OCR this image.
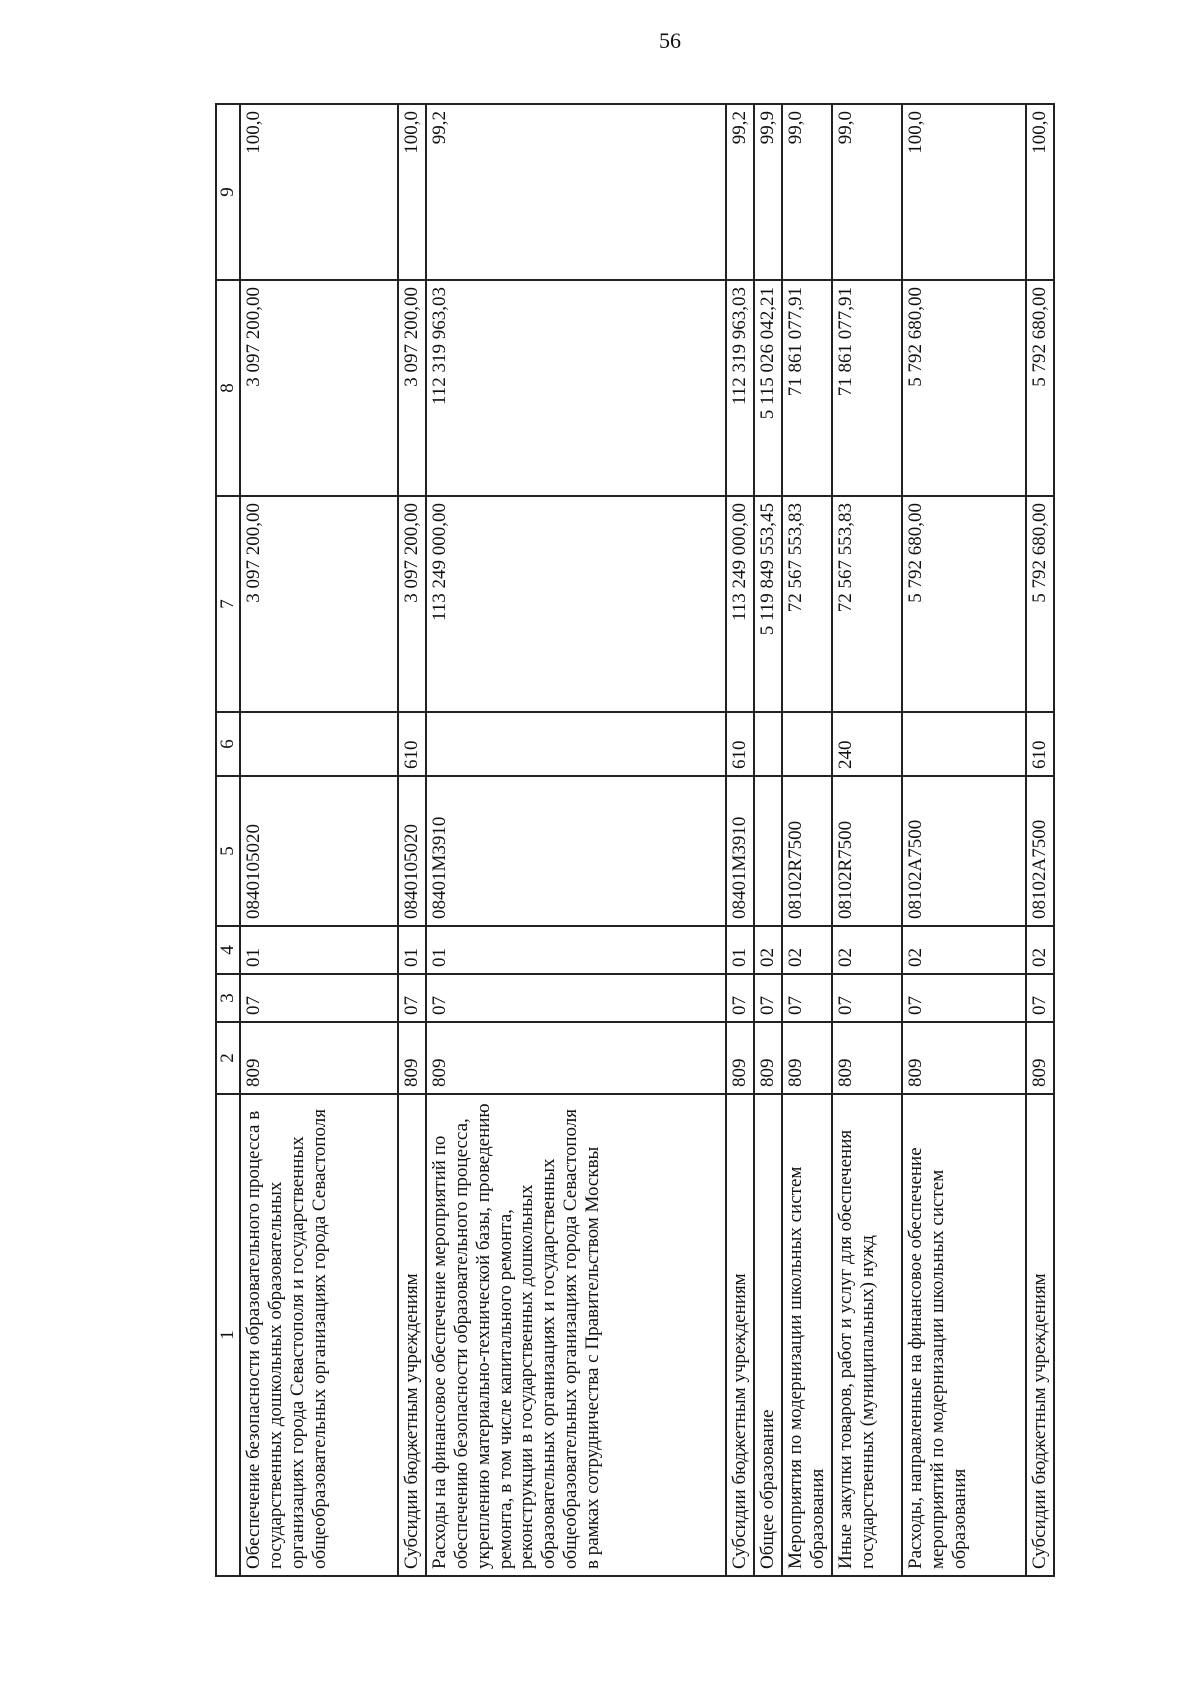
56
1	2	3	4	5	6	7	8	9
Обеспечение безопасности образовательного процесса в государственных дошкольных образовательных организациях города Севастополя и государственных общеобразовательных организациях города Севастополя	809	07	01	0840105020		3 097 200,00	3 097 200,00	100,0
Субсидии бюджетным учреждениям	809	07	01	0840105020	610	3 097 200,00	3 097 200,00	100,0
Расходы на финансовое обеспечение мероприятий по обеспечению безопасности образовательного процесса, укреплению материально-технической базы, проведению ремонта, в том числе капитального ремонта, реконструкции в государственных дошкольных образовательных организациях и государственных общеобразовательных организациях города Севастополя в рамках сотрудничества с Правительством Москвы	809	07	01	08401M3910		113 249 000,00	112 319 963,03	99,2
Субсидии бюджетным учреждениям	809	07	01	08401M3910	610	113 249 000,00	112 319 963,03	99,2
Общее образование	809	07	02			5 119 849 553,45	5 115 026 042,21	99,9
Мероприятия по модернизации школьных систем образования	809	07	02	08102R7500		72 567 553,83	71 861 077,91	99,0
Иные закупки товаров, работ и услуг для обеспечения государственных (муниципальных) нужд	809	07	02	08102R7500	240	72 567 553,83	71 861 077,91	99,0
Расходы, направленные на финансовое обеспечение мероприятий по модернизации школьных систем образования	809	07	02	08102A7500		5 792 680,00	5 792 680,00	100,0
Субсидии бюджетным учреждениям	809	07	02	08102A7500	610	5 792 680,00	5 792 680,00	100,0
